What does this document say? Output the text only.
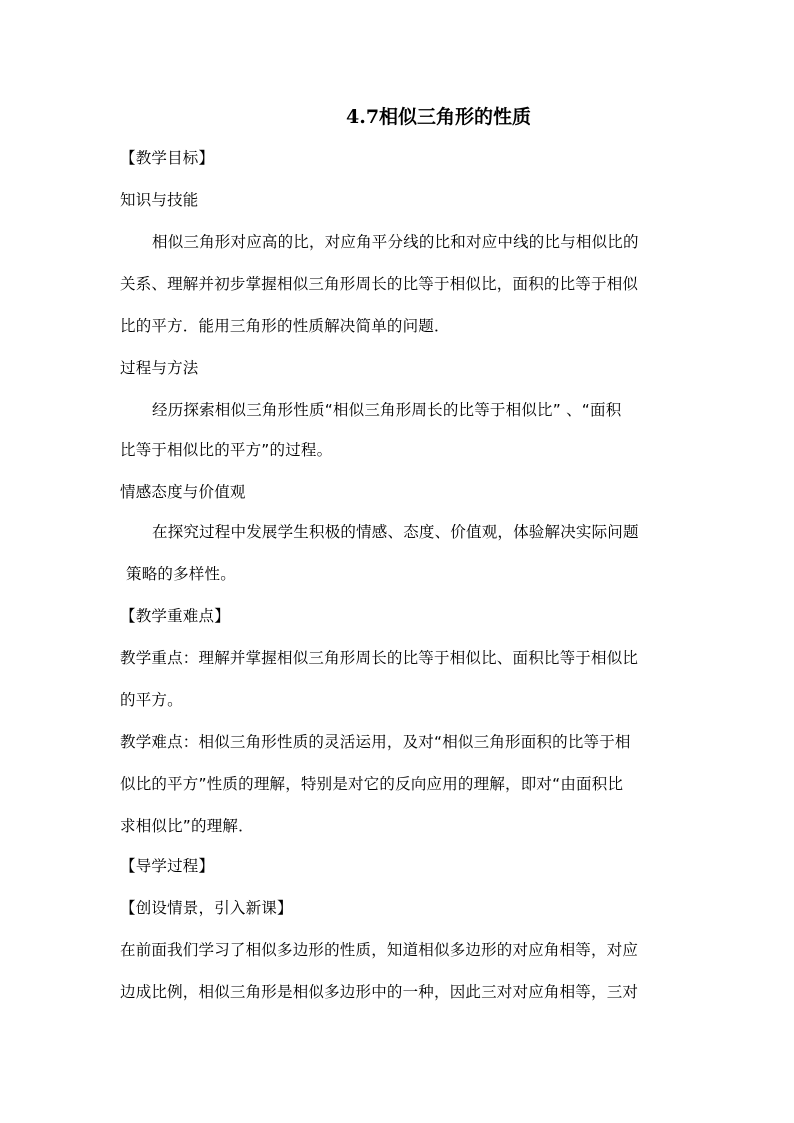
4.7相似三角形的性质
【教学目标】
知识与技能
相似三角形对应高的比，对应角平分线的比和对应中线的比与相似比的
关系、理解并初步掌握相似三角形周长的比等于相似比，面积的比等于相似
比的平方．能用三角形的性质解决简单的问题．
过程与方法
经历探索相似三角形性质“相似三角形周长的比等于相似比” 、“面积
比等于相似比的平方”的过程。
情感态度与价值观
在探究过程中发展学生积极的情感、态度、价值观，体验解决实际问题
策略的多样性。
【教学重难点】
教学重点：理解并掌握相似三角形周长的比等于相似比、面积比等于相似比
的平方。
教学难点：相似三角形性质的灵活运用，及对“相似三角形面积的比等于相
似比的平方”性质的理解，特别是对它的反向应用的理解，即对“由面积比
求相似比”的理解．
【导学过程】
【创设情景，引入新课】
在前面我们学习了相似多边形的性质，知道相似多边形的对应角相等，对应
边成比例，相似三角形是相似多边形中的一种，因此三对对应角相等，三对
